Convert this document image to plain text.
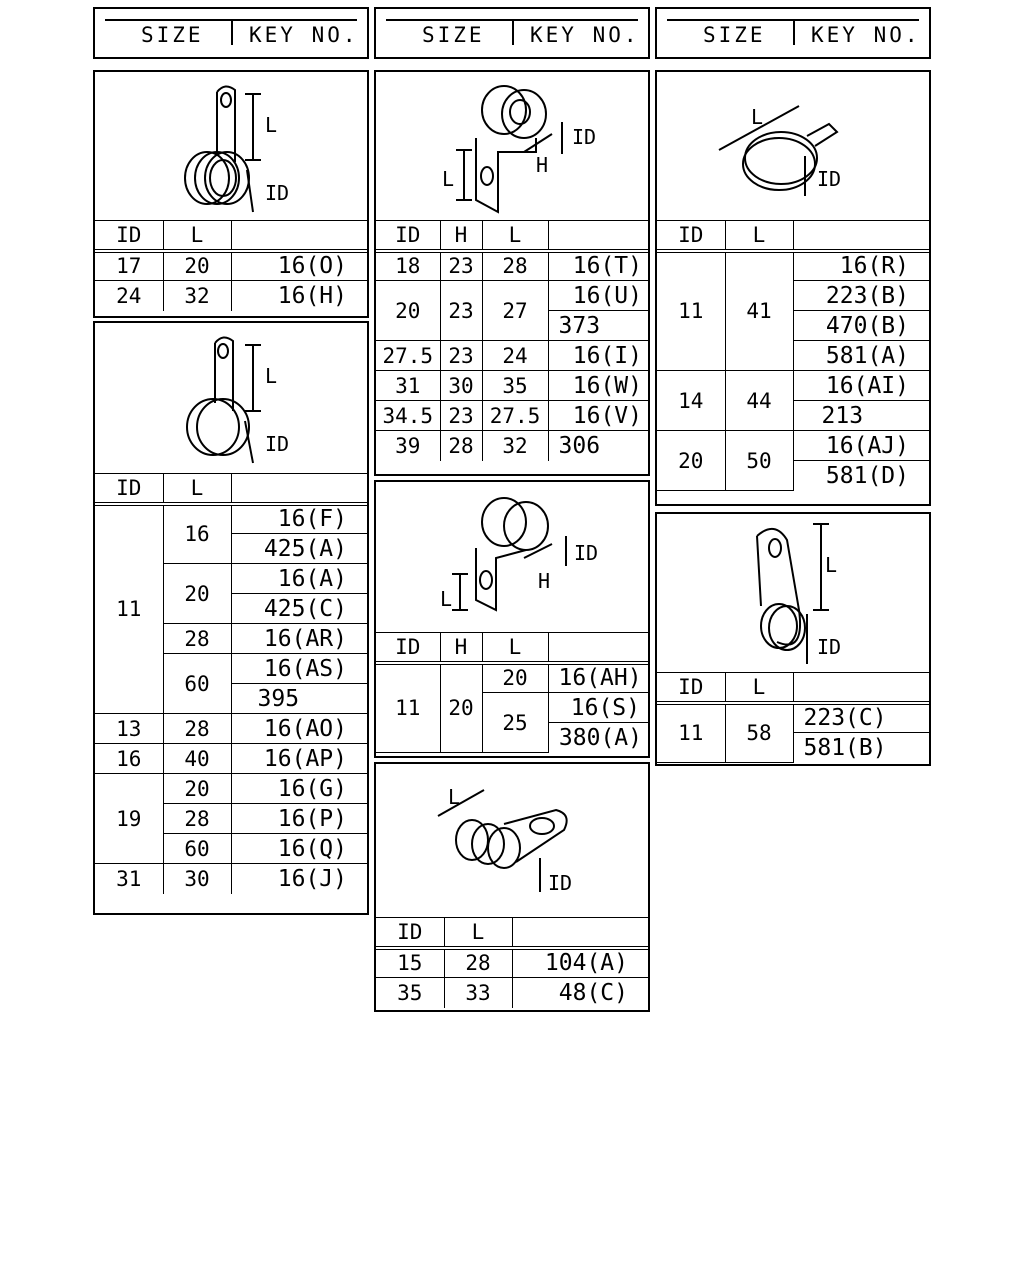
SIZE KEY NO.	SIZE KEY NO.	SIZE KEY NO.
L
ID
ID	L	
17	20	16(O)
24	32	16(H)
L
ID
ID	L	
11	16	16(F)
		425(A)
	20	16(A)
		425(C)
	28	16(AR)
	60	16(AS)
		395
13	28	16(AO)
16	40	16(AP)
19	20	16(G)
	28	16(P)
	60	16(Q)
31	30	16(J)
L
H
ID
ID	H	L	
18	23	28	16(T)
20	23	27	16(U)
			373
27.5	23	24	16(I)
31	30	35	16(W)
34.5	23	27.5	16(V)
39	28	32	306
L
H
ID
ID	H	L	
11	20	20	16(AH)
		25	16(S)
			380(A)
L
ID
ID	L	
15	28	104(A)
35	33	48(C)
L
ID
ID	L	
11	41	16(R)
		223(B)
		470(B)
		581(A)
14	44	16(AI)
		213
20	50	16(AJ)
		581(D)
L
ID
ID	L	
11	58	223(C)
		581(B)
